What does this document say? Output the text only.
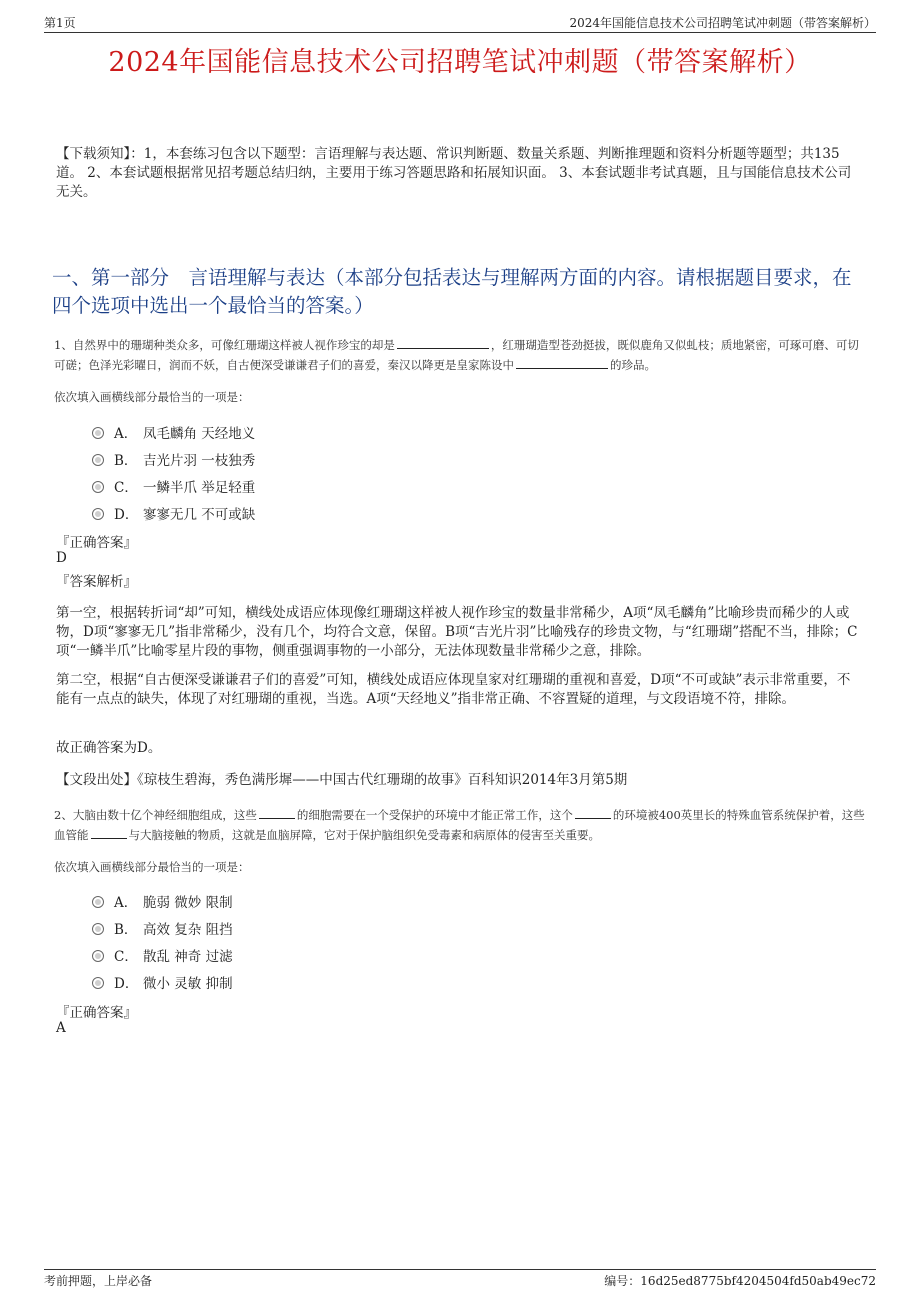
第1页	2024年国能信息技术公司招聘笔试冲刺题（带答案解析）
2024年国能信息技术公司招聘笔试冲刺题（带答案解析）
【下载须知】：1，本套练习包含以下题型：言语理解与表达题、常识判断题、数量关系题、判断推理题和资料分析题等题型；共135道。 2、本套试题根据常见招考题总结归纳，主要用于练习答题思路和拓展知识面。 3、本套试题非考试真题，且与国能信息技术公司无关。
一、第一部分　言语理解与表达（本部分包括表达与理解两方面的内容。请根据题目要求，在四个选项中选出一个最恰当的答案。）
1、自然界中的珊瑚种类众多，可像红珊瑚这样被人视作珍宝的却是	，红珊瑚造型苍劲挺拔，既似鹿角又似虬枝；质地紧密，可琢可磨、可切可磋；色泽光彩曜日，润而不妖，自古便深受谦谦君子们的喜爱，秦汉以降更是皇家陈设中	的珍品。
依次填入画横线部分最恰当的一项是：
A． 凤毛麟角 天经地义
B． 吉光片羽 一枝独秀
C． 一鳞半爪 举足轻重
D． 寥寥无几 不可或缺
『正确答案』
D
『答案解析』
第一空，根据转折词“却”可知，横线处成语应体现像红珊瑚这样被人视作珍宝的数量非常稀少，A项“凤毛麟角”比喻珍贵而稀少的人或物，D项“寥寥无几”指非常稀少，没有几个，均符合文意，保留。B项“吉光片羽”比喻残存的珍贵文物，与“红珊瑚”搭配不当，排除；C项“一鳞半爪”比喻零星片段的事物，侧重强调事物的一小部分，无法体现数量非常稀少之意，排除。
第二空，根据“自古便深受谦谦君子们的喜爱”可知，横线处成语应体现皇家对红珊瑚的重视和喜爱，D项“不可或缺”表示非常重要，不能有一点点的缺失，体现了对红珊瑚的重视，当选。A项“天经地义”指非常正确、不容置疑的道理，与文段语境不符，排除。
故正确答案为D。
【文段出处】《琼枝生碧海，秀色满彤墀——中国古代红珊瑚的故事》百科知识2014年3月第5期
2、大脑由数十亿个神经细胞组成，这些	的细胞需要在一个受保护的环境中才能正常工作，这个	的环境被400英里长的特殊血管系统保护着，这些血管能	与大脑接触的物质，这就是血脑屏障，它对于保护脑组织免受毒素和病原体的侵害至关重要。
依次填入画横线部分最恰当的一项是：
A． 脆弱 微妙 限制
B． 高效 复杂 阻挡
C． 散乱 神奇 过滤
D． 微小 灵敏 抑制
『正确答案』
A
考前押题，上岸必备	编号：16d25ed8775bf4204504fd50ab49ec72
